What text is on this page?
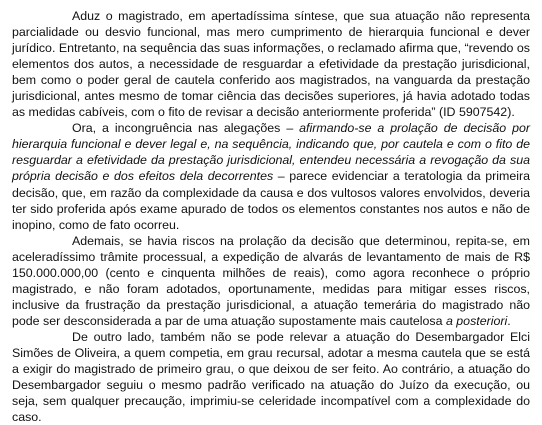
Aduz o magistrado, em apertadíssima síntese, que sua atuação não representa parcialidade ou desvio funcional, mas mero cumprimento de hierarquia funcional e dever jurídico. Entretanto, na sequência das suas informações, o reclamado afirma que, “revendo os elementos dos autos, a necessidade de resguardar a efetividade da prestação jurisdicional, bem como o poder geral de cautela conferido aos magistrados, na vanguarda da prestação jurisdicional, antes mesmo de tomar ciência das decisões superiores, já havia adotado todas as medidas cabíveis, com o fito de revisar a decisão anteriormente proferida” (ID 5907542).

Ora, a incongruência nas alegações – afirmando-se a prolação de decisão por hierarquia funcional e dever legal e, na sequência, indicando que, por cautela e com o fito de resguardar a efetividade da prestação jurisdicional, entendeu necessária a revogação da sua própria decisão e dos efeitos dela decorrentes – parece evidenciar a teratologia da primeira decisão, que, em razão da complexidade da causa e dos vultosos valores envolvidos, deveria ter sido proferida após exame apurado de todos os elementos constantes nos autos e não de inopino, como de fato ocorreu.

Ademais, se havia riscos na prolação da decisão que determinou, repita-se, em aceleradíssimo trâmite processual, a expedição de alvarás de levantamento de mais de R$ 150.000.000,00 (cento e cinquenta milhões de reais), como agora reconhece o próprio magistrado, e não foram adotados, oportunamente, medidas para mitigar esses riscos, inclusive da frustração da prestação jurisdicional, a atuação temerária do magistrado não pode ser desconsiderada a par de uma atuação supostamente mais cautelosa a posteriori.

De outro lado, também não se pode relevar a atuação do Desembargador Elci Simões de Oliveira, a quem competia, em grau recursal, adotar a mesma cautela que se está a exigir do magistrado de primeiro grau, o que deixou de ser feito. Ao contrário, a atuação do Desembargador seguiu o mesmo padrão verificado na atuação do Juízo da execução, ou seja, sem qualquer precaução, imprimiu-se celeridade incompatível com a complexidade do caso.
